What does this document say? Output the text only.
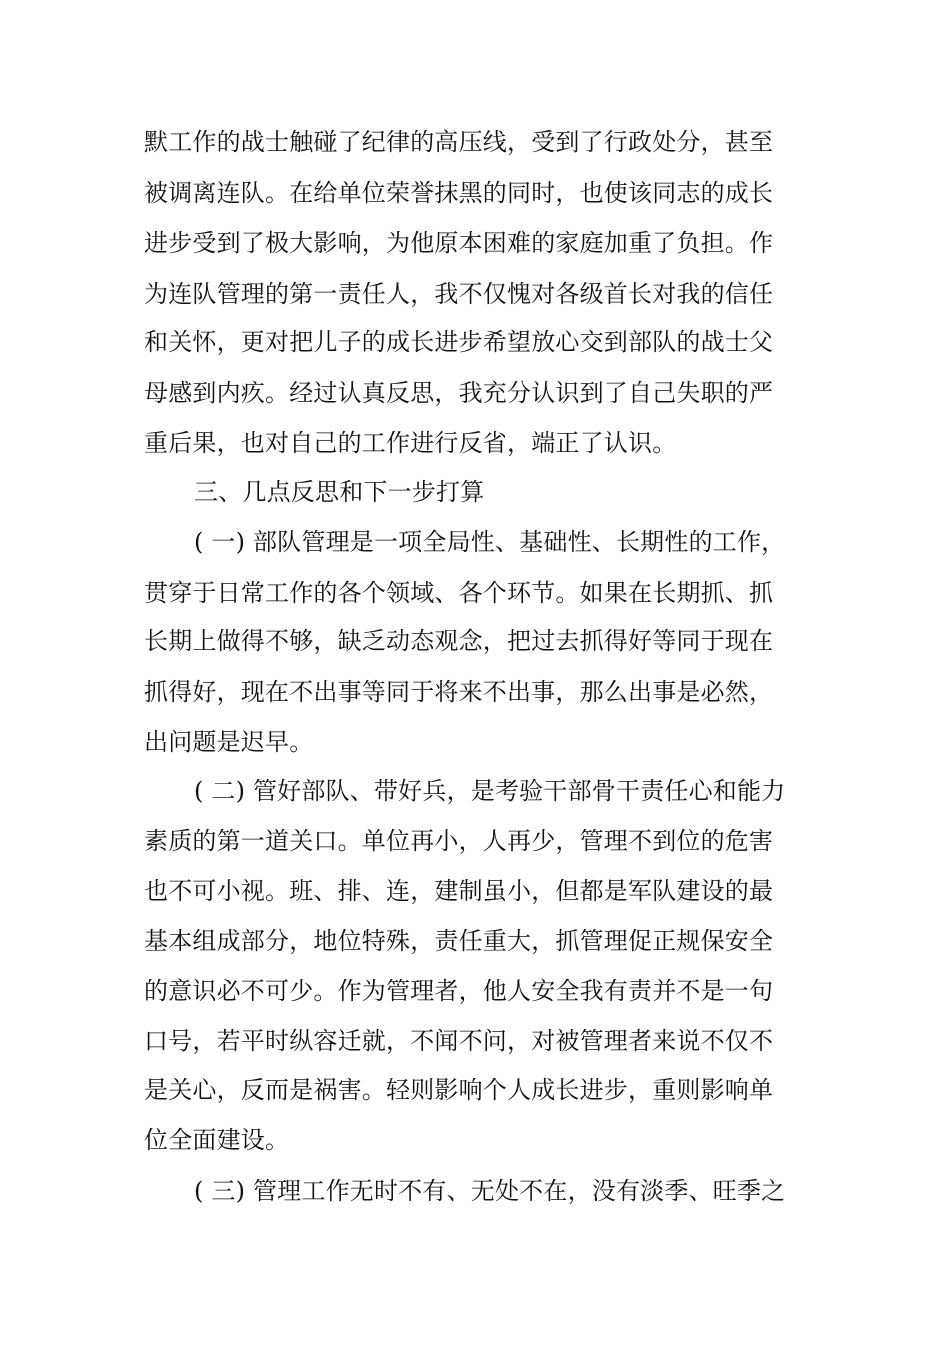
默工作的战士触碰了纪律的高压线，受到了行政处分，甚至
被调离连队。在给单位荣誉抹黑的同时，也使该同志的成长
进步受到了极大影响，为他原本困难的家庭加重了负担。作
为连队管理的第一责任人，我不仅愧对各级首长对我的信任
和关怀，更对把儿子的成长进步希望放心交到部队的战士父
母感到内疚。经过认真反思，我充分认识到了自己失职的严
重后果，也对自己的工作进行反省，端正了认识。
三、几点反思和下一步打算
( 一) 部队管理是一项全局性、基础性、长期性的工作，
贯穿于日常工作的各个领域、各个环节。如果在长期抓、抓
长期上做得不够，缺乏动态观念，把过去抓得好等同于现在
抓得好，现在不出事等同于将来不出事，那么出事是必然，
出问题是迟早。
( 二) 管好部队、带好兵，是考验干部骨干责任心和能力
素质的第一道关口。单位再小，人再少，管理不到位的危害
也不可小视。班、排、连，建制虽小，但都是军队建设的最
基本组成部分，地位特殊，责任重大，抓管理促正规保安全
的意识必不可少。作为管理者，他人安全我有责并不是一句
口号，若平时纵容迁就，不闻不问，对被管理者来说不仅不
是关心，反而是祸害。轻则影响个人成长进步，重则影响单
位全面建设。
( 三) 管理工作无时不有、无处不在，没有淡季、旺季之
